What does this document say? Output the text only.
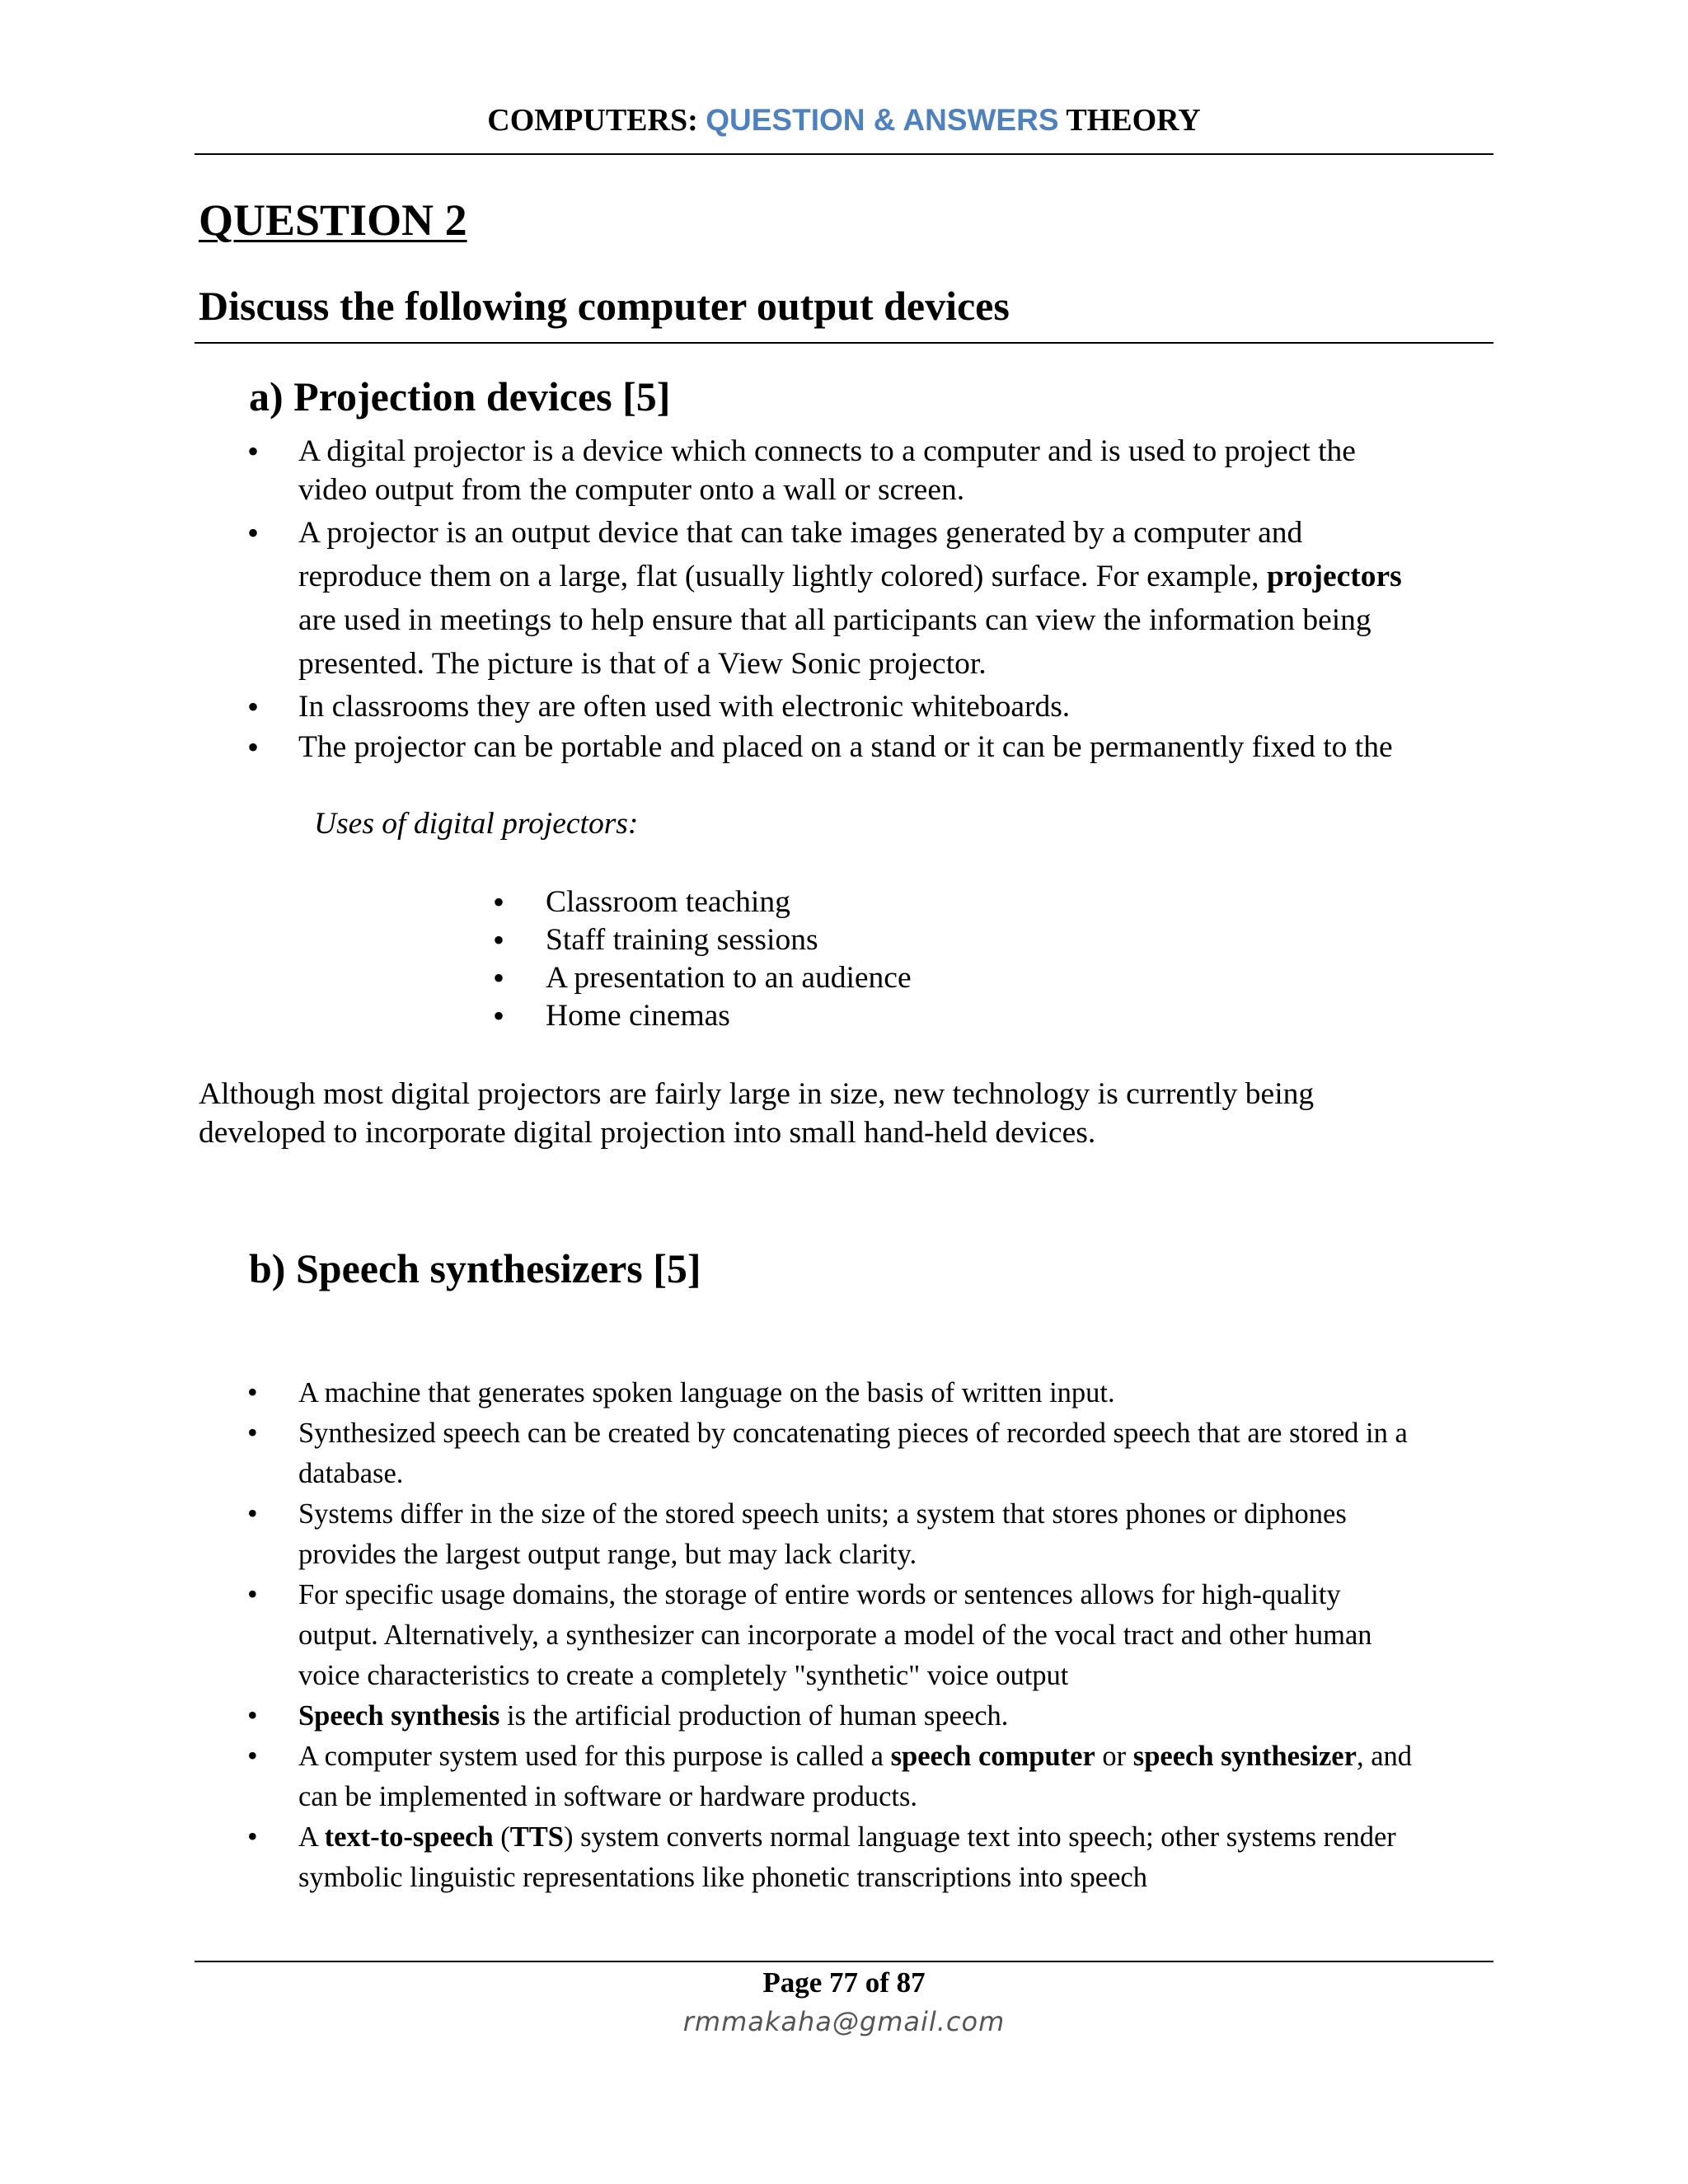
COMPUTERS: QUESTION & ANSWERS THEORY
QUESTION 2
Discuss the following computer output devices
a) Projection devices [5]
• A digital projector is a device which connects to a computer and is used to project the
video output from the computer onto a wall or screen.
• A projector is an output device that can take images generated by a computer and
reproduce them on a large, flat (usually lightly colored) surface. For example, projectors
are used in meetings to help ensure that all participants can view the information being
presented. The picture is that of a View Sonic projector.
• In classrooms they are often used with electronic whiteboards.
• The projector can be portable and placed on a stand or it can be permanently fixed to the
Uses of digital projectors:
• Classroom teaching
• Staff training sessions
• A presentation to an audience
• Home cinemas
Although most digital projectors are fairly large in size, new technology is currently being
developed to incorporate digital projection into small hand-held devices.
b) Speech synthesizers [5]
• A machine that generates spoken language on the basis of written input.
• Synthesized speech can be created by concatenating pieces of recorded speech that are stored in a
database.
• Systems differ in the size of the stored speech units; a system that stores phones or diphones
provides the largest output range, but may lack clarity.
• For specific usage domains, the storage of entire words or sentences allows for high-quality
output. Alternatively, a synthesizer can incorporate a model of the vocal tract and other human
voice characteristics to create a completely "synthetic" voice output
• Speech synthesis is the artificial production of human speech.
• A computer system used for this purpose is called a speech computer or speech synthesizer, and
can be implemented in software or hardware products.
• A text-to-speech (TTS) system converts normal language text into speech; other systems render
symbolic linguistic representations like phonetic transcriptions into speech
Page 77 of 87
rmmakaha@gmail.com
